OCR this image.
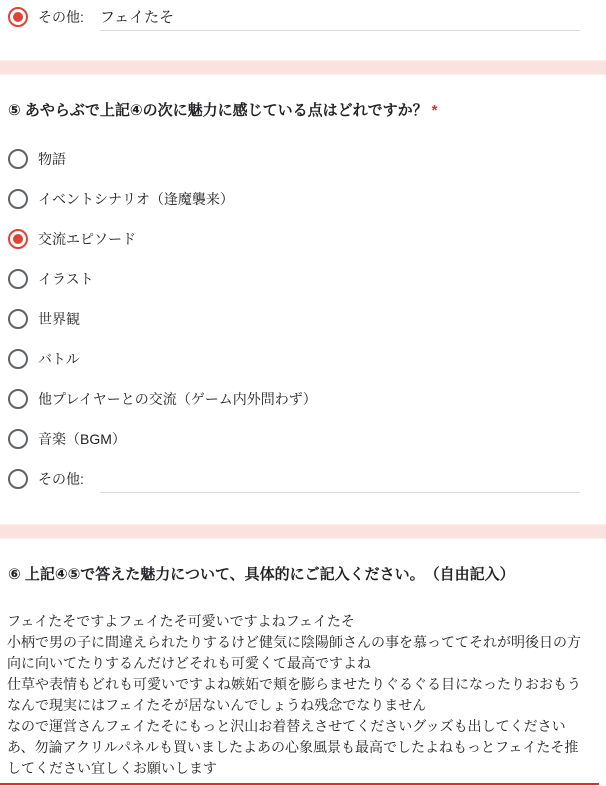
その他: フェイたそ
⑤ あやらぶで上記④の次に魅力に感じている点はどれですか？ *
物語
イベントシナリオ（逢魔襲来）
交流エピソード
イラスト
世界観
バトル
他プレイヤーとの交流（ゲーム内外問わず）
音楽（BGM）
その他:
⑥ 上記④⑤で答えた魅力について、具体的にご記入ください。　（自由記入）
フェイたそですよフェイたそ可愛いですよねフェイたそ
小柄で男の子に間違えられたりするけど健気に陰陽師さんの事を慕っててそれが明後日の方
向に向いてたりするんだけどそれも可愛くて最高ですよね
仕草や表情もどれも可愛いですよね嫉妬で頬を膨らませたりぐるぐる目になったりおおもう
なんで現実にはフェイたそが居ないんでしょうね残念でなりません
なので運営さんフェイたそにもっと沢山お着替えさせてくださいグッズも出してください
あ、勿論アクリルパネルも買いましたよあの心象風景も最高でしたよねもっとフェイたそ推
してください宜しくお願いします
